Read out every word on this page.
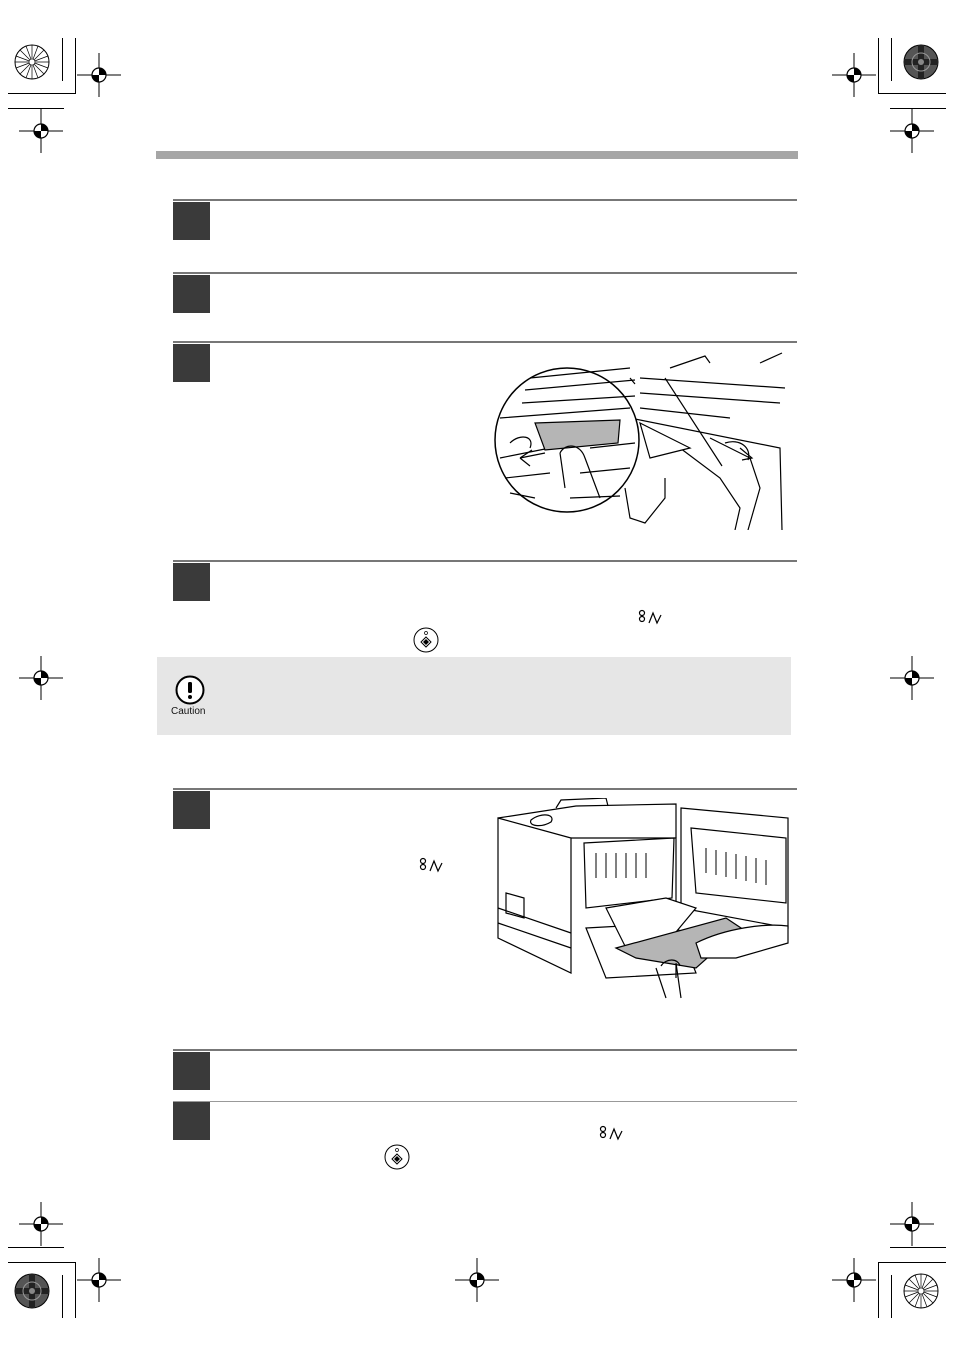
Caution
